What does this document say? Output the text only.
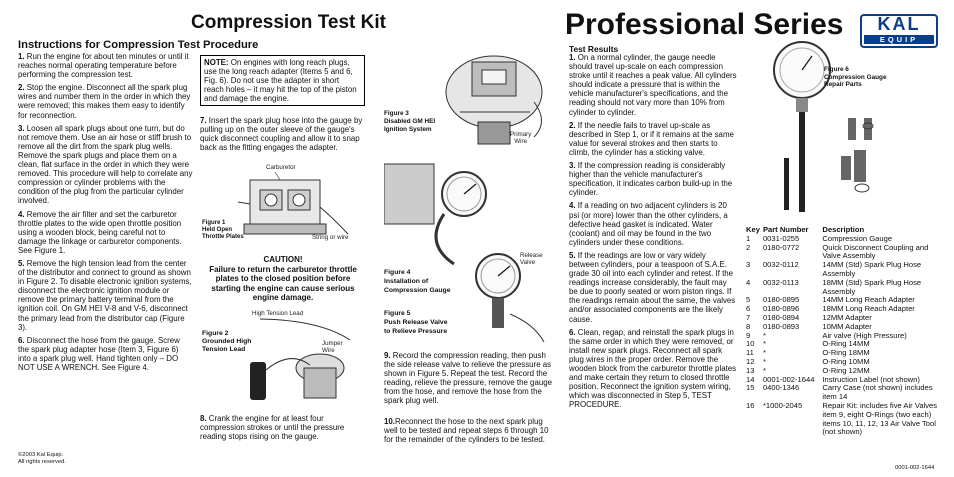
Compression Test Kit	Professional Series	KAL
EQUIP
Instructions for Compression Test Procedure
1. Run the engine for about ten minutes or until it reaches normal operating temperature before performing the compression test.
2. Stop the engine. Disconnect all the spark plug wires and number them in the order in which they were removed; this makes them easy to identify for reconnection.
3. Loosen all spark plugs about one turn, but do not remove them. Use an air hose or stiff brush to remove all the dirt from the spark plug wells. Remove the spark plugs and place them on a clean, flat surface in the order in which they were removed. This procedure will help to correlate any compression or cylinder problems with the condition of the plug from the particular cylinder involved.
4. Remove the air filter and set the carburetor throttle plates to the wide open throttle position using a wooden block, being careful not to damage the linkage or carburetor components. See Figure 1.
5. Remove the high tension lead from the center of the distributor and connect to ground as shown in Figure 2. To disable electronic ignition systems, disconnect the electronic ignition module or remove the primary battery terminal from the ignition coil. On GM HEI V-8 and V-6, disconnect the primary lead from the distributor cap (Figure 3).
6. Disconnect the hose from the gauge. Screw the spark plug adapter hose (Item 3, Figure 6) into a spark plug well. Hand tighten only – DO NOT USE A WRENCH. See Figure 4.
©2003 Kal Equip.
All rights reserved.
NOTE: On engines with long reach plugs, use the long reach adapter (Items 5 and 6, Fig. 6). Do not use the adapter in short reach holes – it may hit the top of the piston and damage the engine.
7. Insert the spark plug hose into the gauge by pulling up on the outer sleeve of the gauge's quick disconnect coupling and allow it to snap back as the fitting engages the adapter.
Carburetor
Figure 1
Held Open
Throttle Plates	String or wire
CAUTION!
Failure to return the carburetor throttle plates to the closed position before starting the engine can cause serious engine damage.
High Tension Lead
Figure 2
Grounded High
Tension Lead
Jumper
Wire
8. Crank the engine for at least four compression strokes or until the pressure reading stops rising on the gauge.
Figure 3
Disabled GM HEI
Ignition System
Primary
Wire
Release
Valve
Figure 4
Installation of
Compression Gauge
Figure 5
Push Release Valve
to Relieve Pressure
9. Record the compression reading, then push the side release valve to relieve the pressure as shown in Figure 5. Repeat the test. Record the reading, relieve the pressure, remove the gauge from the hose, and remove the hose from the spark plug well.
10.Reconnect the hose to the next spark plug well to be tested and repeat steps 6 through 10 for the remainder of the cylinders to be tested.
Test Results
1. On a normal cylinder, the gauge needle should travel up-scale on each compression stroke until it reaches a peak value. All cylinders should indicate a pressure that is within the vehicle manufacturer's specifications, and the reading should not vary more than 10% from cylinder to cylinder.
2. If the needle fails to travel up-scale as described in Step 1, or if it remains at the same value for several strokes and then starts to climb, the cylinder has a sticking valve.
3. If the compression reading is considerably higher than the vehicle manufacturer's specification, it indicates carbon build-up in the cylinder.
4. If a reading on two adjacent cylinders is 20 psi (or more) lower than the other cylinders, a defective head gasket is indicated. Water (coolant) and oil may be found in the two cylinders under these conditions.
5. If the readings are low or vary widely between cylinders, pour a teaspoon of S.A.E. grade 30 oil into each cylinder and retest. If the readings increase considerably, the fault may be due to poorly seated or worn piston rings. If the readings remain about the same, the valves and/or associated components are the likely cause.
6. Clean, regap, and reinstall the spark plugs in the same order in which they were removed, or install new spark plugs. Reconnect all spark plug wires in the proper order. Remove the wooden block from the carburetor throttle plates and make certain they return to closed throttle position. Reconnect the ignition system wiring, which was disconnected in Step 5, TEST PROCEDURE.
Figure 6
Compression Gauge
Repair Parts
Key	Part Number	Description
1	0031-0255	Compression Gauge
2	0180-0772	Quick Disconnect Coupling and Valve Assembly
3	0032-0112	14MM (Std) Spark Plug Hose Assembly
4	0032-0113	18MM (Std) Spark Plug Hose Assembly
5	0180-0895	14MM Long Reach Adapter
6	0180-0896	18MM Long Reach Adapter
7	0180-0894	12MM Adapter
8	0180-0893	10MM Adapter
9	*	Air valve (High Pressure)
10	*	O-Ring 14MM
11	*	O-Ring 18MM
12	*	O-Ring 10MM
13	*	O-Ring 12MM
14	0001-002-1644	Instruction Label (not shown)
15	0400-1346	Carry Case (not shown) includes item 14
16	*1000-2045	Repair Kit: includes five Air Valves item 9, eight O-Rings (two each) items 10, 11, 12, 13 Air Valve Tool (not shown)
0001-002-1644
